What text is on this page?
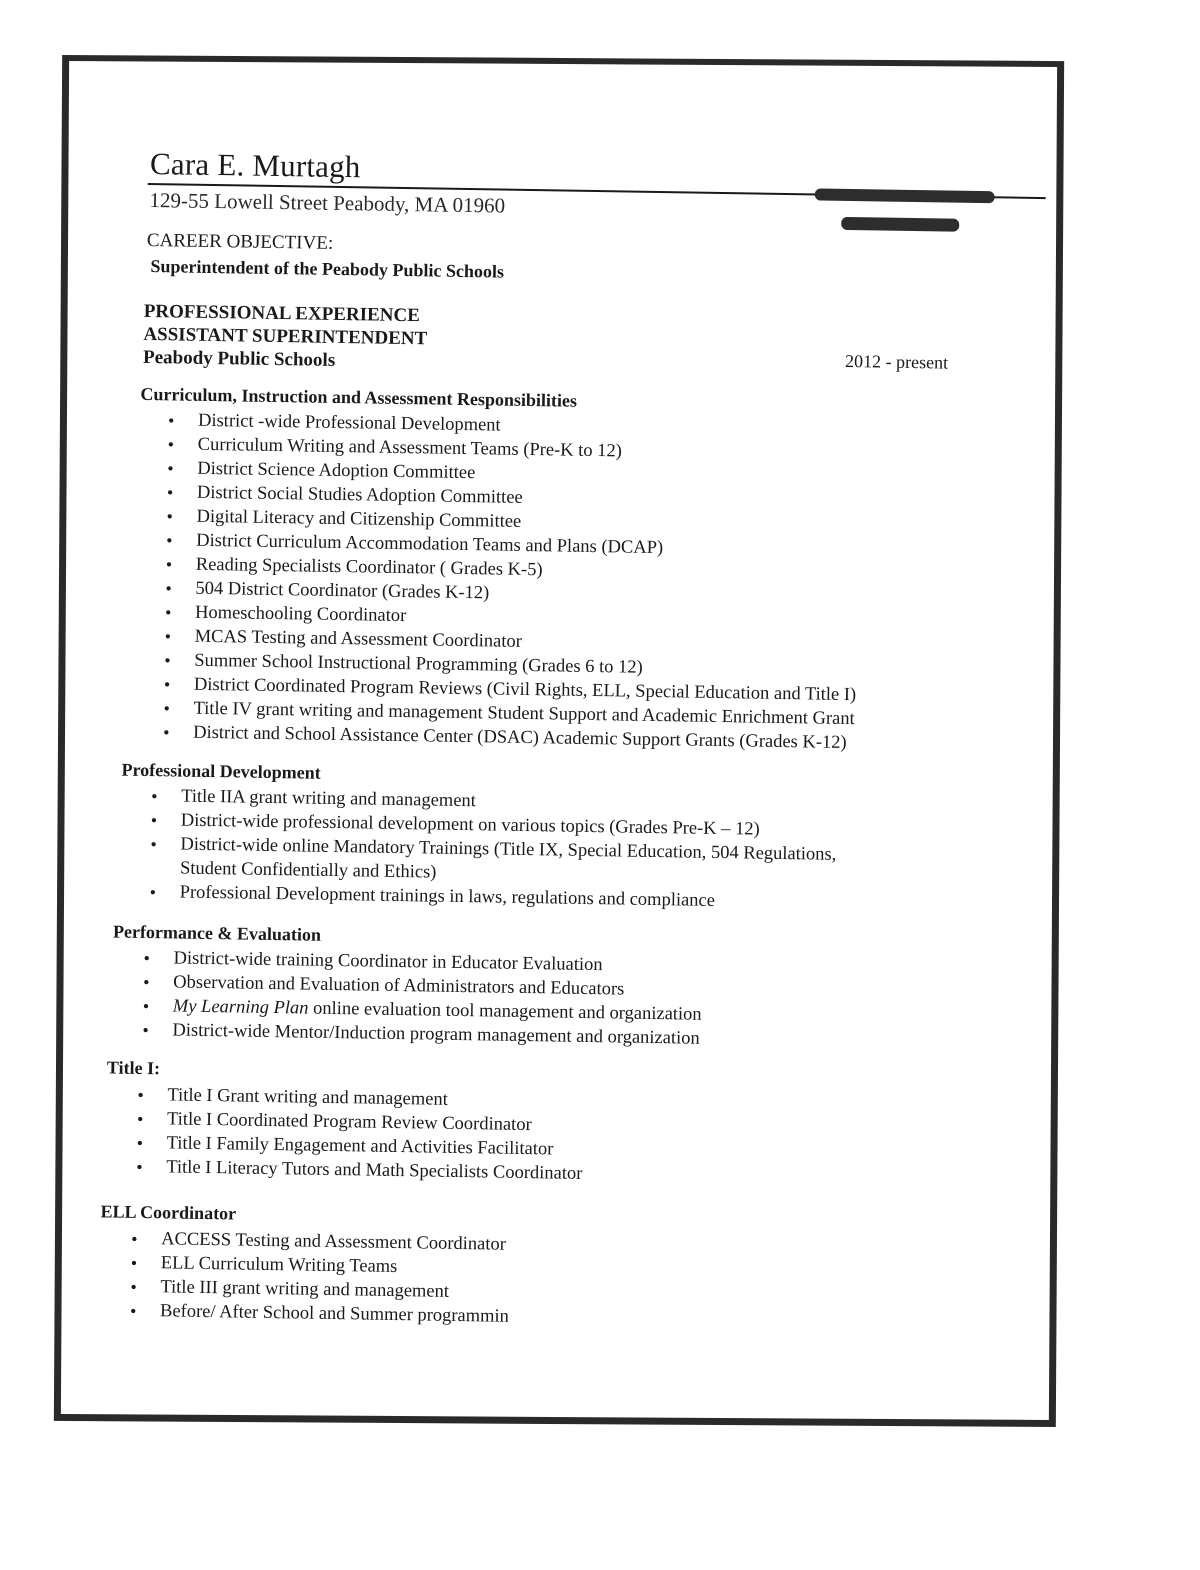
Cara E. Murtagh
129-55 Lowell Street Peabody, MA 01960
CAREER OBJECTIVE:
Superintendent of the Peabody Public Schools
PROFESSIONAL EXPERIENCE
ASSISTANT SUPERINTENDENT
Peabody Public Schools	2012 - present
Curriculum, Instruction and Assessment Responsibilities
• District -wide Professional Development
• Curriculum Writing and Assessment Teams (Pre-K to 12)
• District Science Adoption Committee
• District Social Studies Adoption Committee
• Digital Literacy and Citizenship Committee
• District Curriculum Accommodation Teams and Plans (DCAP)
• Reading Specialists Coordinator ( Grades K-5)
• 504 District Coordinator (Grades K-12)
• Homeschooling Coordinator
• MCAS Testing and Assessment Coordinator
• Summer School Instructional Programming (Grades 6 to 12)
• District Coordinated Program Reviews (Civil Rights, ELL, Special Education and Title I)
• Title IV grant writing and management Student Support and Academic Enrichment Grant
• District and School Assistance Center (DSAC) Academic Support Grants (Grades K-12)
Professional Development
• Title IIA grant writing and management
• District-wide professional development on various topics (Grades Pre-K – 12)
• District-wide online Mandatory Trainings (Title IX, Special Education, 504 Regulations, Student Confidentially and Ethics)
• Professional Development trainings in laws, regulations and compliance
Performance & Evaluation
• District-wide training Coordinator in Educator Evaluation
• Observation and Evaluation of Administrators and Educators
• My Learning Plan online evaluation tool management and organization
• District-wide Mentor/Induction program management and organization
Title I:
• Title I Grant writing and management
• Title I Coordinated Program Review Coordinator
• Title I Family Engagement and Activities Facilitator
• Title I Literacy Tutors and Math Specialists Coordinator
ELL Coordinator
• ACCESS Testing and Assessment Coordinator
• ELL Curriculum Writing Teams
• Title III grant writing and management
• Before/ After School and Summer programmin
